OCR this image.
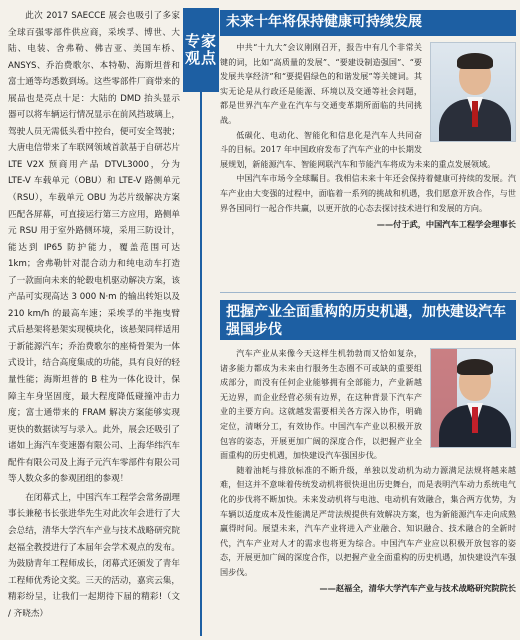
此次 2017 SAECCE 展会也吸引了多家全球百强零部件供应商，采埃孚、博世、大陆、电装、舍弗勒、佛吉亚、美国车桥、ANSYS、乔治费歌尔、本特勒、海斯坦普和富士通等均悉数到场。这些零部件厂商带来的展品也是亮点十足：大陆的 DMD 抬头显示器可以将车辆运行情况显示在前风挡玻璃上，驾驶人员无需低头看中控台，便可安全驾驶；大唐电信带来了车联网领域首款基于自研芯片 LTE V2X 预商用产品 DTVL3000，分为 LTE-V 车载单元（OBU）和 LTE-V 路侧单元（RSU），车载单元 OBU 为芯片级解决方案匹配各屏幕，可直接运行第三方应用，路侧单元 RSU 用于室外路侧环境，采用三防设计，能达到 IP65 防护能力，覆盖范围可达 1km；舍弗勒针对混合动力和纯电动车打造了一款面向未来的轮毂电机驱动解决方案，该产品可实现高达 3 000 N·m 的输出转矩以及 210 km/h 的最高车速；采埃孚的半拖曳臂式后悬架将悬架实现模块化，该悬架同样适用于新能源汽车；乔治费歌尔的座椅骨架为一体式设计，结合高度集成的功能，具有良好的轻量性能；海斯坦普的 B 柱为一体化设计，保障主车身坚固度，最大程度降低碰撞冲击力度；富士通带来的 FRAM 解决方案能够实现更快的数据读写与录入。此外，展会还吸引了诸如上海汽车变速器有限公司、上海华纬汽车配件有限公司及上海子元汽车零部件有限公司等人数众多的参观团组的参观！

在闭幕式上，中国汽车工程学会常务副理事长兼秘书长张进华先生对此次年会进行了大会总结，清华大学汽车产业与技术战略研究院赵福全教授进行了本届年会学术观点的发布。为鼓励青年工程师成长，闭幕式还颁发了青年工程师优秀论文奖。三天的活动，嘉宾云集，精彩纷呈，让我们一起期待下届的精彩!（文 / 齐晓杰）

专家
观点
未来十年将保持健康可持续发展

中共“十九大”会议刚刚召开，报告中有几个非常关键的词，比如“高质量的发展”、“要建设制造强国”、“要发展共享经济”和“要提倡绿色的和谐发展”等关键词。其实无论是从行政还是能源、环境以及交通等社会问题，都是世界汽车产业在汽车与交通变革期所面临的共同挑战。

低碳化、电动化、智能化和信息化是汽车人共同奋斗的目标。2017 年中国政府发布了汽车产业的中长期发展规划，新能源汽车、智能网联汽车和节能汽车将成为未来的重点发展领域。

中国汽车市场今全球瞩目。我相信未来十年还会保持着健康可持续的发展。汽车产业由大变强的过程中，面临着一系列的挑战和机遇，我们愿意开放合作，与世界各国同行一起合作共赢，以更开放的心态去探讨技术进行和发展的方向。

——付于武，中国汽车工程学会理事长

把握产业全面重构的历史机遇，加快建设汽车强国步伐

汽车产业从来像今天这样生机勃勃而又恰如复杂，诸多能力都成为未来由行服务生态圈不可或缺的重要组成部分，而没有任何企业能够拥有全部能力，产业新越无边界，而企业经营必须有边界，在这种背景下汽车产业的主要方向。这就越发需要相关各方深入协作，明确定位，清晰分工，有效协作。中国汽车产业以积极开放包容的姿态，开展更加广阔的深度合作，以把握产业全面重构的历史机遇，加快建设汽车强国步伐。

随着油耗与排放标准的不断升级，单独以发动机为动力源满足法规将越来越难，但这并不意味着传统发动机将很快退出历史舞台，而是表明汽车动力系统电气化的步伐将不断加快。未来发动机将与电池、电动机有效融合，集合两方优势，为车辆以适度成本及性能满足严苛法规提供有效解决方案，也为新能源汽车走向成熟赢得时间。展望未来，汽车产业将进入产业融合、知识融合、技术融合的全新时代，汽车产业对人才的需求也将更为综合。中国汽车产业应以积极开放包容的姿态，开展更加广阔的深度合作，以把握产业全面重构的历史机遇，加快建设汽车强国步伐。

——赵福全，清华大学汽车产业与技术战略研究院院长
